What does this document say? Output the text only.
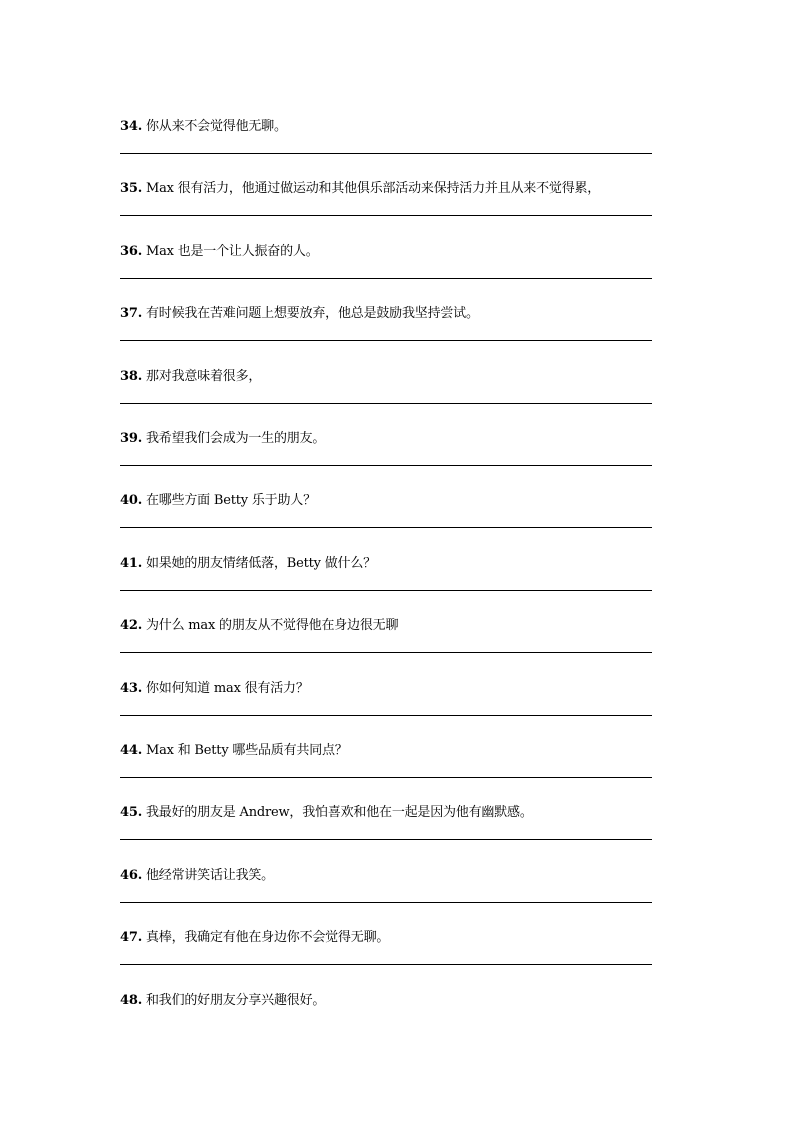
34. 你从来不会觉得他无聊。
35. Max 很有活力，他通过做运动和其他俱乐部活动来保持活力并且从来不觉得累，
36. Max 也是一个让人振奋的人。
37. 有时候我在苦难问题上想要放弃，他总是鼓励我坚持尝试。
38. 那对我意味着很多，
39. 我希望我们会成为一生的朋友。
40. 在哪些方面 Betty 乐于助人？
41. 如果她的朋友情绪低落，Betty 做什么？
42. 为什么 max 的朋友从不觉得他在身边很无聊
43. 你如何知道 max 很有活力？
44. Max 和 Betty 哪些品质有共同点？
45. 我最好的朋友是 Andrew，我怕喜欢和他在一起是因为他有幽默感。
46. 他经常讲笑话让我笑。
47. 真棒，我确定有他在身边你不会觉得无聊。
48. 和我们的好朋友分享兴趣很好。
